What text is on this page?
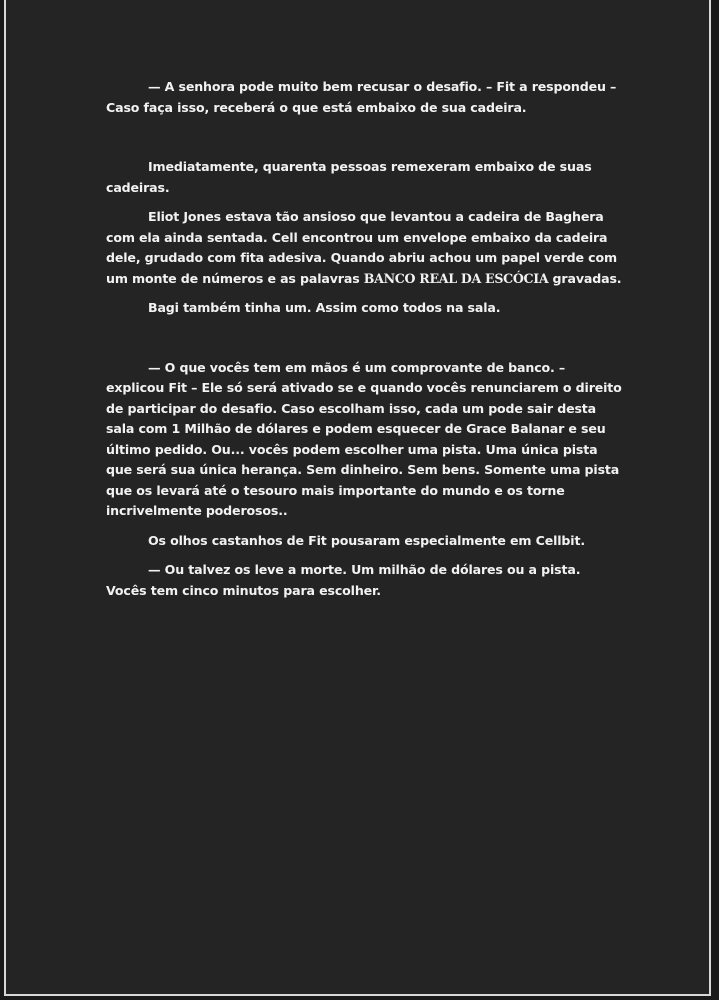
— A senhora pode muito bem recusar o desafio. – Fit a respondeu – Caso faça isso, receberá o que está embaixo de sua cadeira.

Imediatamente, quarenta pessoas remexeram embaixo de suas cadeiras.

Eliot Jones estava tão ansioso que levantou a cadeira de Baghera com ela ainda sentada. Cell encontrou um envelope embaixo da cadeira dele, grudado com fita adesiva. Quando abriu achou um papel verde com um monte de números e as palavras BANCO REAL DA ESCÓCIA gravadas.

Bagi também tinha um. Assim como todos na sala.

— O que vocês tem em mãos é um comprovante de banco. – explicou Fit – Ele só será ativado se e quando vocês renunciarem o direito de participar do desafio. Caso escolham isso, cada um pode sair desta sala com 1 Milhão de dólares e podem esquecer de Grace Balanar e seu último pedido. Ou... vocês podem escolher uma pista. Uma única pista que será sua única herança. Sem dinheiro. Sem bens. Somente uma pista que os levará até o tesouro mais importante do mundo e os torne incrivelmente poderosos..

Os olhos castanhos de Fit pousaram especialmente em Cellbit.

— Ou talvez os leve a morte. Um milhão de dólares ou a pista. Vocês tem cinco minutos para escolher.
